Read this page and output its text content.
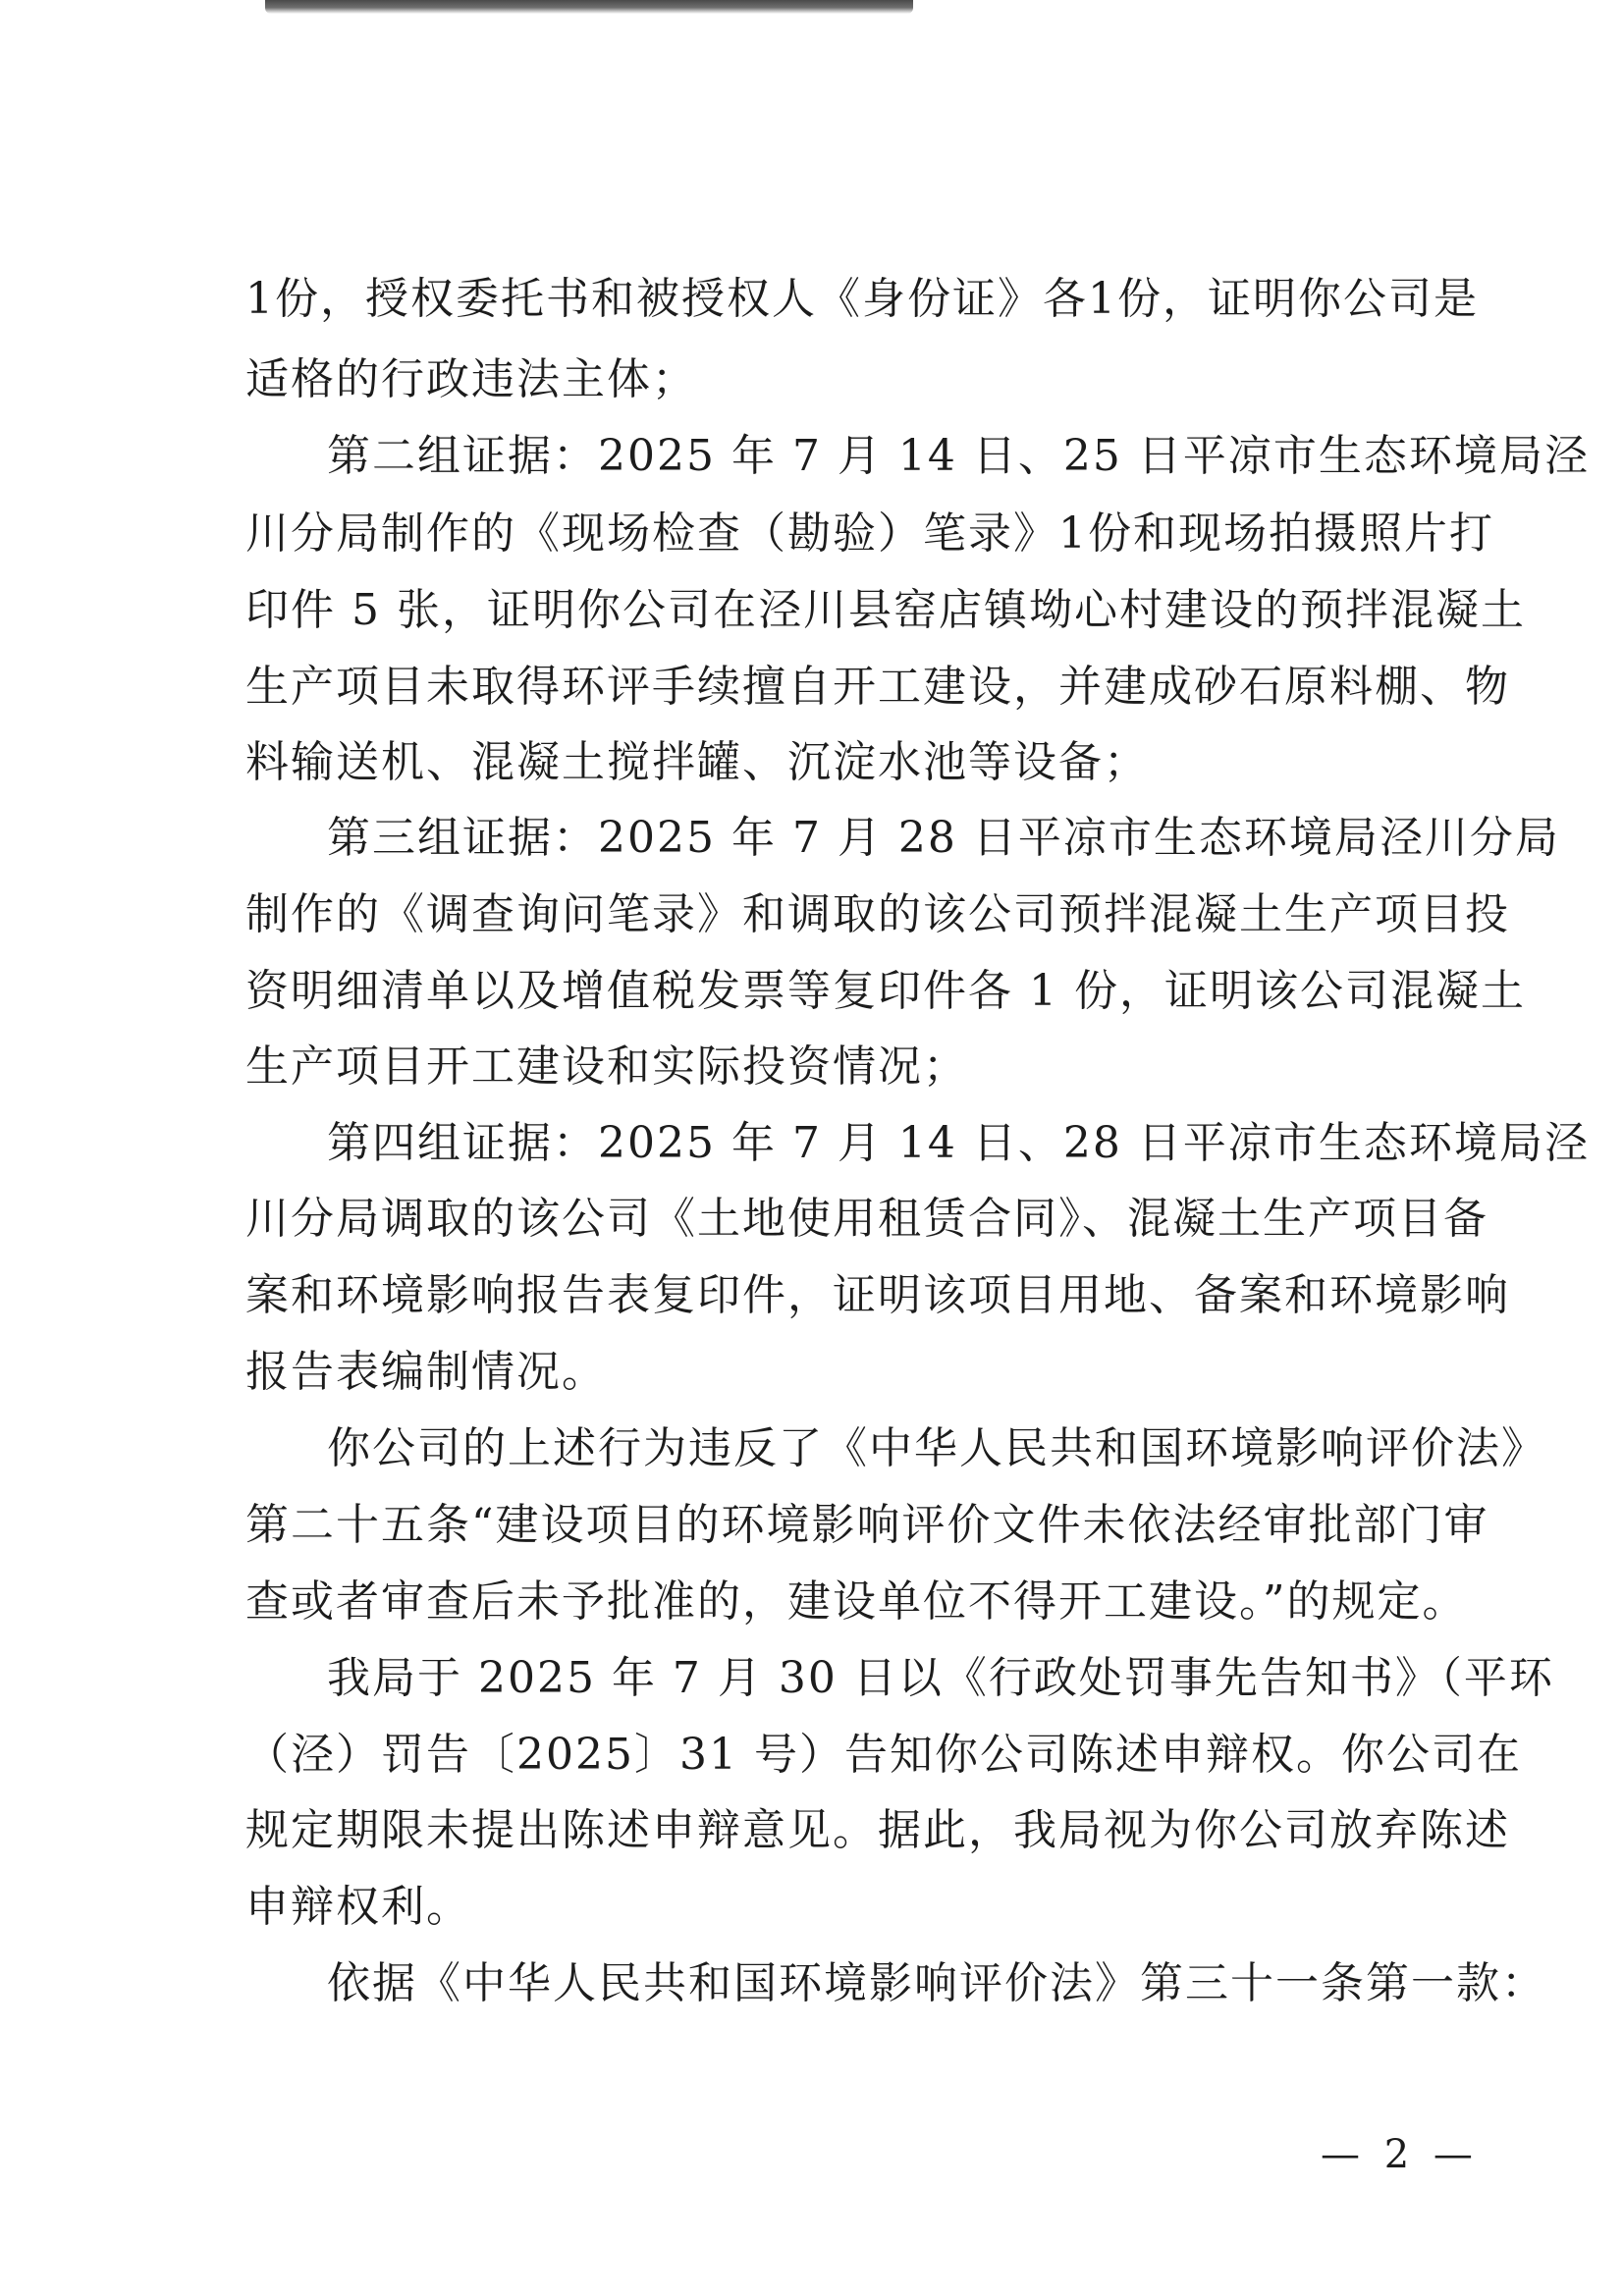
1份，授权委托书和被授权人《身份证》各1份，证明你公司是
适格的行政违法主体；
第二组证据：2025 年 7 月 14 日、25 日平凉市生态环境局泾
川分局制作的《现场检查（勘验）笔录》1份和现场拍摄照片打
印件 5 张，证明你公司在泾川县窑店镇坳心村建设的预拌混凝土
生产项目未取得环评手续擅自开工建设，并建成砂石原料棚、物
料输送机、混凝土搅拌罐、沉淀水池等设备；
第三组证据：2025 年 7 月 28 日平凉市生态环境局泾川分局
制作的《调查询问笔录》和调取的该公司预拌混凝土生产项目投
资明细清单以及增值税发票等复印件各 1 份，证明该公司混凝土
生产项目开工建设和实际投资情况；
第四组证据：2025 年 7 月 14 日、28 日平凉市生态环境局泾
川分局调取的该公司《土地使用租赁合同》、混凝土生产项目备
案和环境影响报告表复印件，证明该项目用地、备案和环境影响
报告表编制情况。
你公司的上述行为违反了《中华人民共和国环境影响评价法》
第二十五条“建设项目的环境影响评价文件未依法经审批部门审
查或者审查后未予批准的，建设单位不得开工建设。”的规定。
我局于 2025 年 7 月 30 日以《行政处罚事先告知书》（平环
（泾）罚告〔2025〕31 号）告知你公司陈述申辩权。你公司在
规定期限未提出陈述申辩意见。据此，我局视为你公司放弃陈述
申辩权利。
依据《中华人民共和国环境影响评价法》第三十一条第一款：
— 2 —
